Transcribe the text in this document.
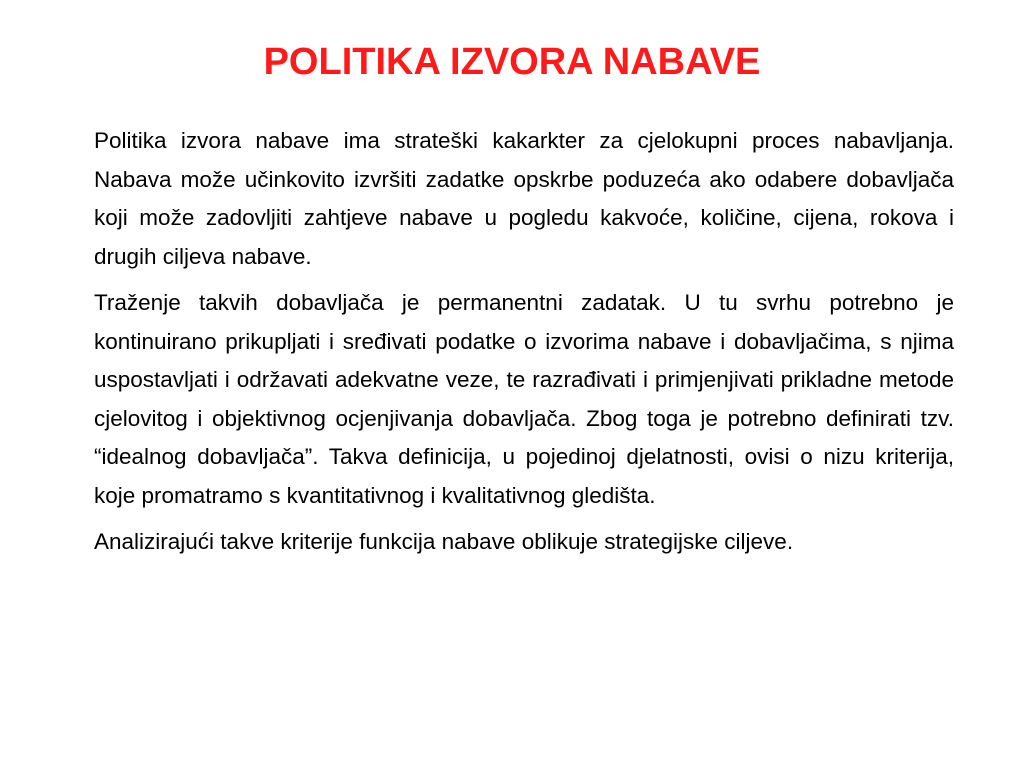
POLITIKA IZVORA NABAVE

Politika izvora nabave ima strateški kakarkter za cjelokupni proces nabavljanja. Nabava može učinkovito izvršiti zadatke opskrbe poduzeća ako odabere dobavljača koji može zadovljiti zahtjeve nabave u pogledu kakvoće, količine, cijena, rokova i drugih ciljeva nabave.

Traženje takvih dobavljača je permanentni zadatak. U tu svrhu potrebno je kontinuirano prikupljati i sređivati podatke o izvorima nabave i dobavljačima, s njima uspostavljati i održavati adekvatne veze, te razrađivati i primjenjivati prikladne metode cjelovitog i objektivnog ocjenjivanja dobavljača. Zbog toga je potrebno definirati tzv. “idealnog dobavljača”. Takva definicija, u pojedinoj djelatnosti, ovisi o nizu kriterija, koje promatramo s kvantitativnog i kvalitativnog gledišta.

Analizirajući takve kriterije funkcija nabave oblikuje strategijske ciljeve.
